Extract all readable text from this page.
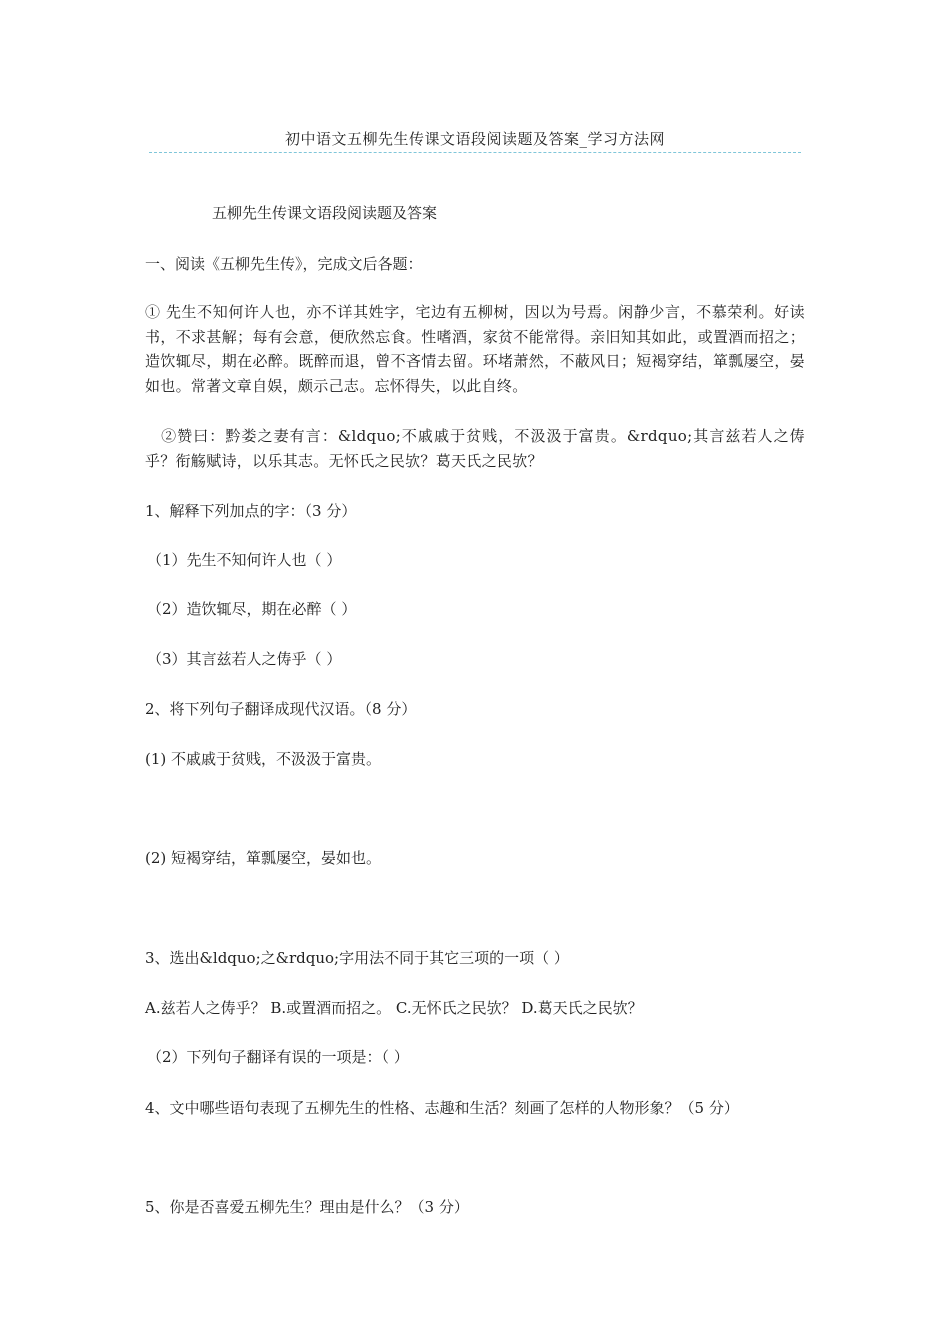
初中语文五柳先生传课文语段阅读题及答案_学习方法网
五柳先生传课文语段阅读题及答案
一、阅读《五柳先生传》，完成文后各题：
① 先生不知何许人也，亦不详其姓字，宅边有五柳树，因以为号焉。闲静少言，不慕荣利。好读书，不求甚解；每有会意，便欣然忘食。性嗜酒，家贫不能常得。亲旧知其如此，或置酒而招之；造饮辄尽，期在必醉。既醉而退，曾不吝情去留。环堵萧然，不蔽风日；短褐穿结，箪瓢屡空，晏如也。常著文章自娱，颇示己志。忘怀得失，以此自终。
　②赞曰：黔娄之妻有言：&ldquo;不戚戚于贫贱，不汲汲于富贵。&rdquo;其言兹若人之俦乎？衔觞赋诗，以乐其志。无怀氏之民欤？葛天氏之民欤？
1、解释下列加点的字：（3 分）
（1）先生不知何许人也（ ）
（2）造饮辄尽，期在必醉（ ）
（3）其言兹若人之俦乎（ ）
2、将下列句子翻译成现代汉语。（8 分）
(1) 不戚戚于贫贱，不汲汲于富贵。
(2) 短褐穿结，箪瓢屡空，晏如也。
3、选出&ldquo;之&rdquo;字用法不同于其它三项的一项（ ）
A.兹若人之俦乎？ B.或置酒而招之。 C.无怀氏之民欤？ D.葛天氏之民欤？
（2）下列句子翻译有误的一项是：（ ）
4、文中哪些语句表现了五柳先生的性格、志趣和生活？刻画了怎样的人物形象？（5 分）
5、你是否喜爱五柳先生？理由是什么？（3 分）
